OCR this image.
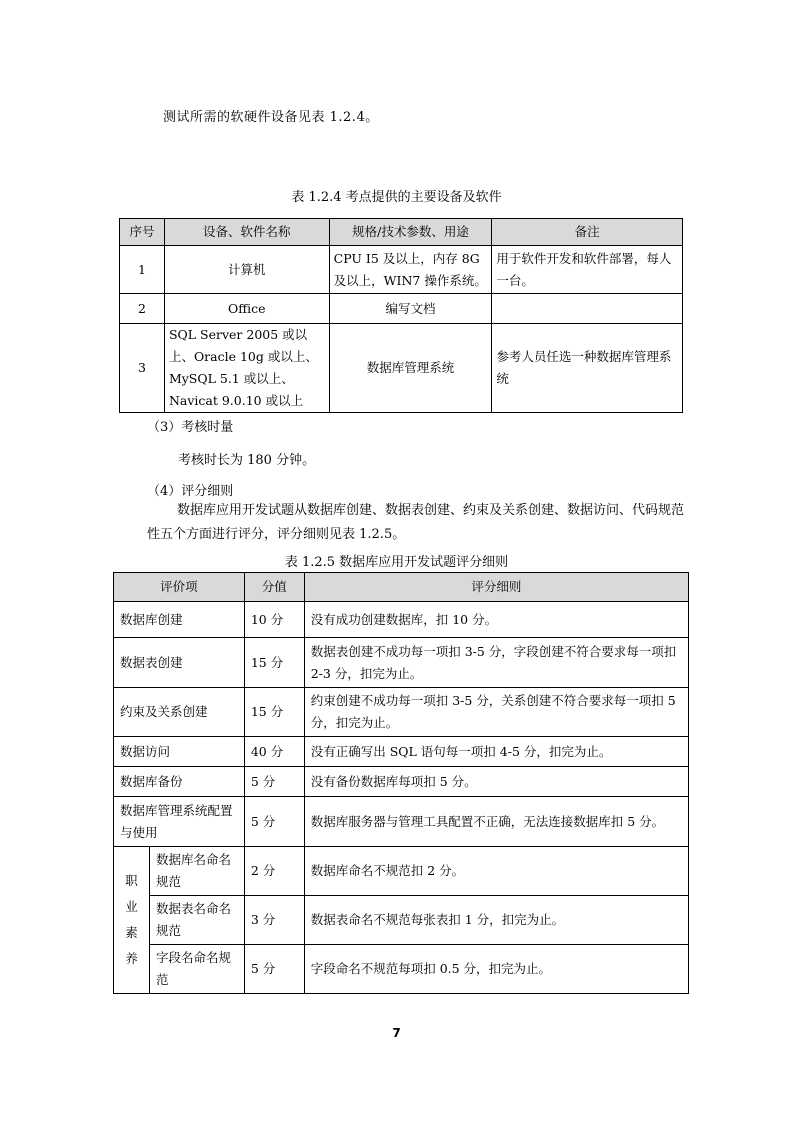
测试所需的软硬件设备见表 1.2.4。
表 1.2.4 考点提供的主要设备及软件
序号	设备、软件名称	规格/技术参数、用途	备注
1	计算机	CPU I5 及以上，内存 8G 及以上，WIN7 操作系统。	用于软件开发和软件部署，每人一台。
2	Office	编写文档	
3	SQL Server 2005 或以上、Oracle 10g 或以上、MySQL 5.1 或以上、Navicat 9.0.10 或以上	数据库管理系统	参考人员任选一种数据库管理系统
（3）考核时量
考核时长为 180 分钟。
（4）评分细则
数据库应用开发试题从数据库创建、数据表创建、约束及关系创建、数据访问、代码规范性五个方面进行评分，评分细则见表 1.2.5。
表 1.2.5 数据库应用开发试题评分细则
评价项		分值	评分细则
数据库创建		10 分	没有成功创建数据库，扣 10 分。
数据表创建		15 分	数据表创建不成功每一项扣 3-5 分，字段创建不符合要求每一项扣 2-3 分，扣完为止。
约束及关系创建		15 分	约束创建不成功每一项扣 3-5 分，关系创建不符合要求每一项扣 5 分，扣完为止。
数据访问		40 分	没有正确写出 SQL 语句每一项扣 4-5 分，扣完为止。
数据库备份		5 分	没有备份数据库每项扣 5 分。
数据库管理系统配置与使用		5 分	数据库服务器与管理工具配置不正确，无法连接数据库扣 5 分。

职业素养	数据库名命名规范	2 分	数据库命名不规范扣 2 分。
	数据表名命名规范	3 分	数据表命名不规范每张表扣 1 分，扣完为止。
	字段名命名规范	5 分	字段命名不规范每项扣 0.5 分，扣完为止。
7
